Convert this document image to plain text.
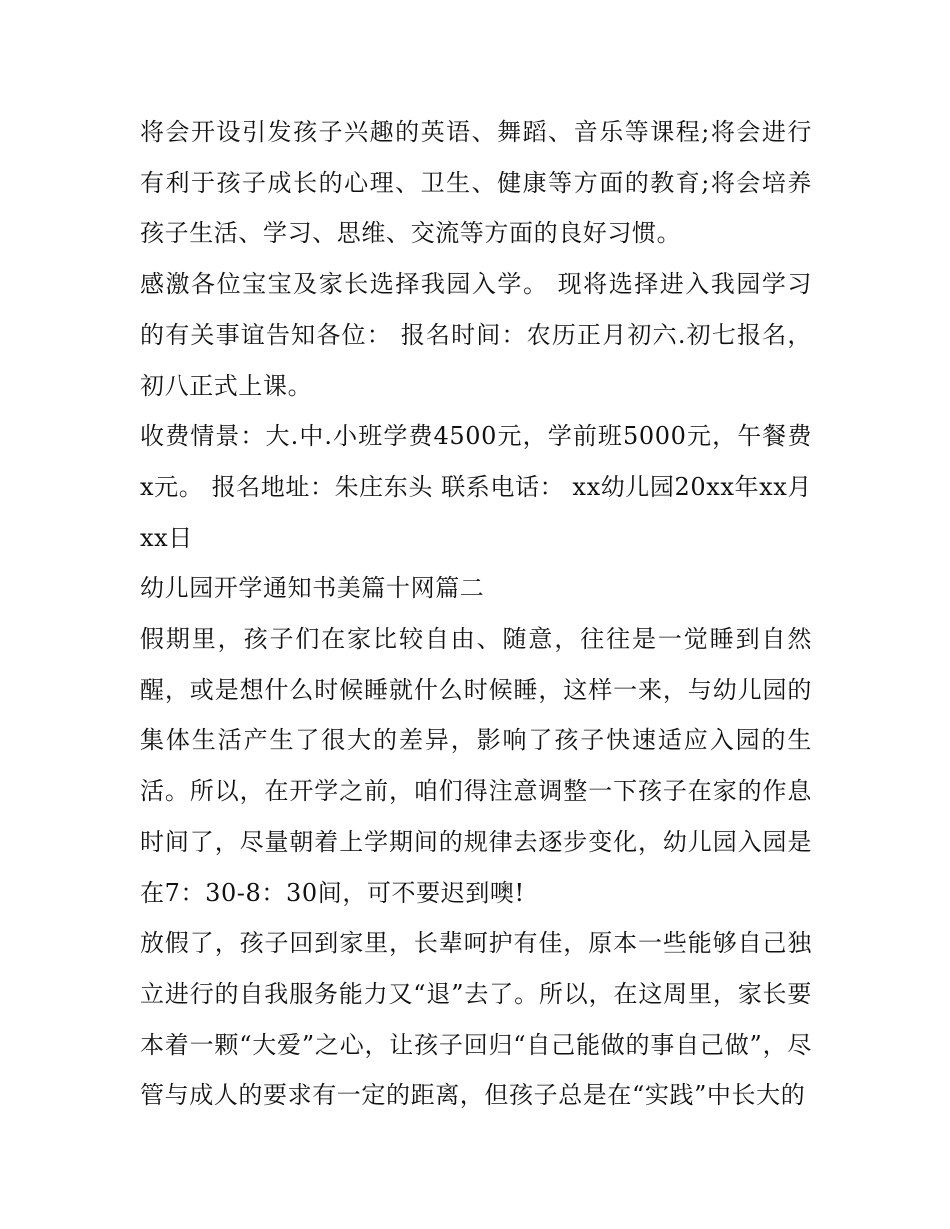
将会开设引发孩子兴趣的英语、舞蹈、音乐等课程;将会进行有利于孩子成长的心理、卫生、健康等方面的教育;将会培养孩子生活、学习、思维、交流等方面的良好习惯。

感激各位宝宝及家长选择我园入学。 现将选择进入我园学习的有关事谊告知各位： 报名时间：农历正月初六.初七报名，初八正式上课。

收费情景：大.中.小班学费4500元，学前班5000元，午餐费x元。 报名地址：朱庄东头 联系电话： xx幼儿园20xx年xx月xx日

幼儿园开学通知书美篇十网篇二

假期里，孩子们在家比较自由、随意，往往是一觉睡到自然醒，或是想什么时候睡就什么时候睡，这样一来，与幼儿园的集体生活产生了很大的差异，影响了孩子快速适应入园的生活。所以，在开学之前，咱们得注意调整一下孩子在家的作息时间了，尽量朝着上学期间的规律去逐步变化，幼儿园入园是在7：30-8：30间，可不要迟到噢!

放假了，孩子回到家里，长辈呵护有佳，原本一些能够自己独立进行的自我服务能力又“退”去了。所以，在这周里，家长要本着一颗“大爱”之心，让孩子回归“自己能做的事自己做”，尽管与成人的要求有一定的距离，但孩子总是在“实践”中长大的
